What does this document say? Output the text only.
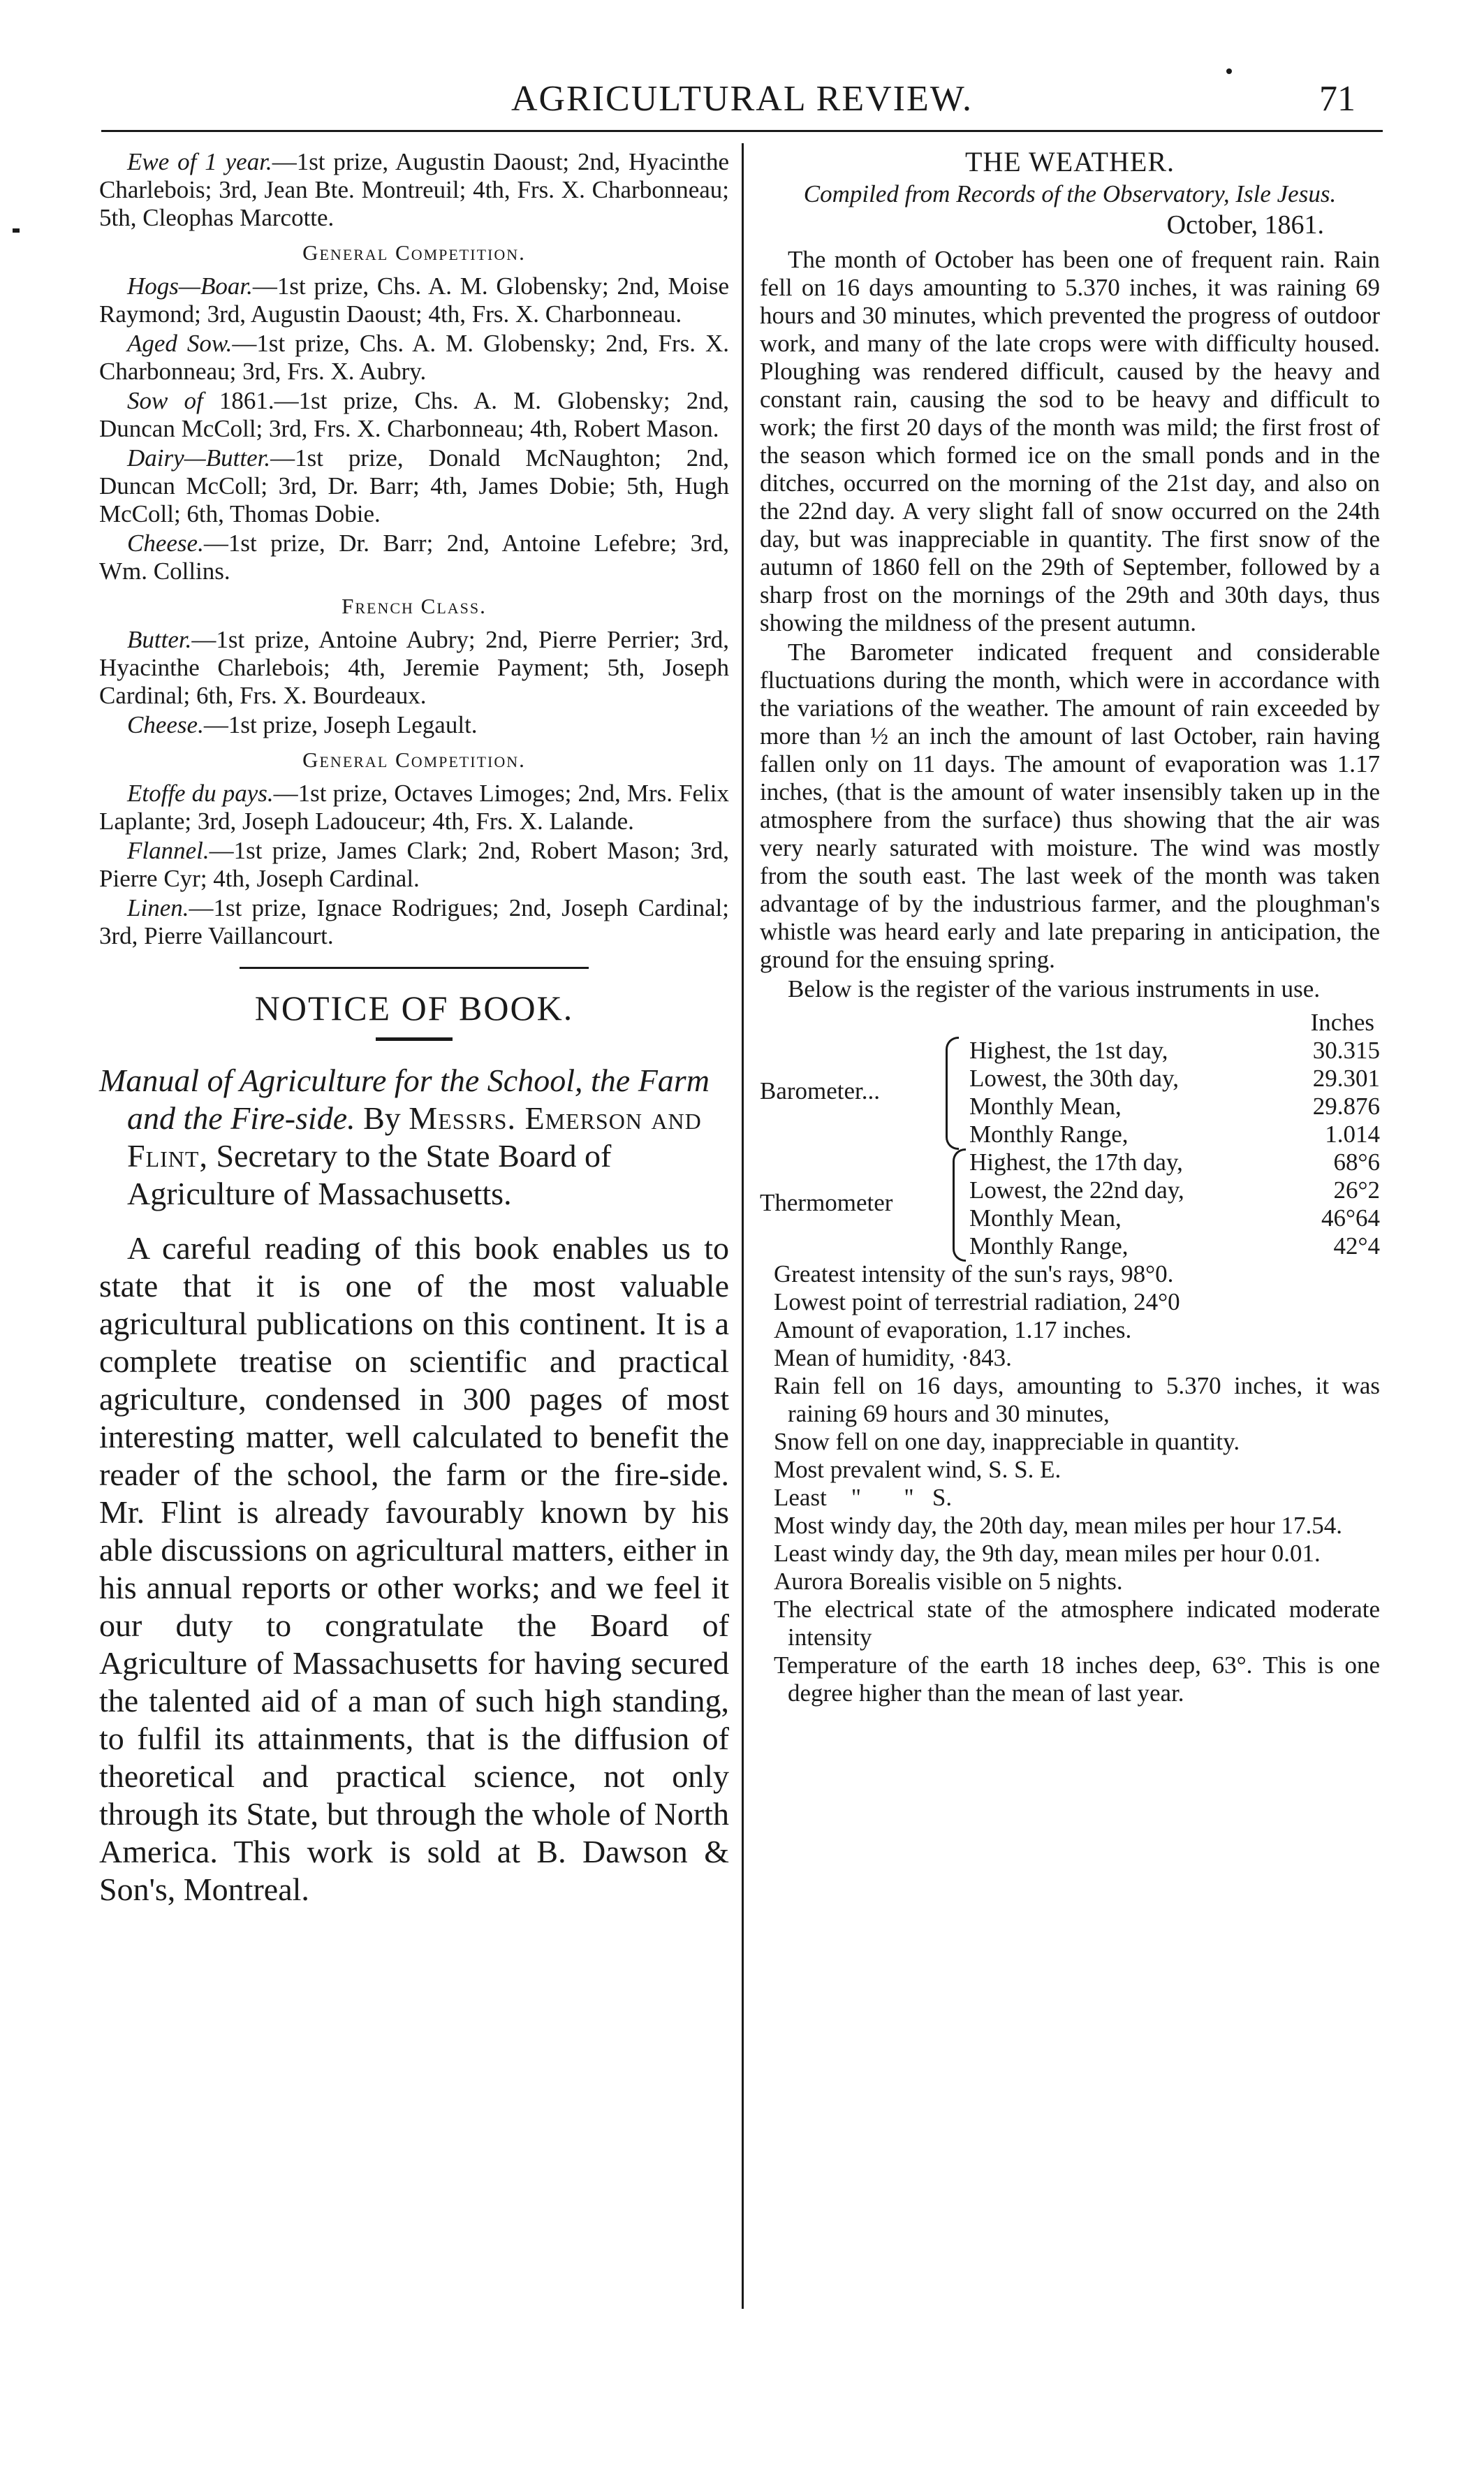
AGRICULTURAL REVIEW.	71

Ewe of 1 year.—1st prize, Augustin Daoust; 2nd, Hyacinthe Charlebois; 3rd, Jean Bte. Montreuil; 4th, Frs. X. Charbonneau; 5th, Cleophas Marcotte.

General Competition.

Hogs—Boar.—1st prize, Chs. A. M. Globensky; 2nd, Moise Raymond; 3rd, Augustin Daoust; 4th, Frs. X. Charbonneau.

Aged Sow.—1st prize, Chs. A. M. Globensky; 2nd, Frs. X. Charbonneau; 3rd, Frs. X. Aubry.

Sow of 1861.—1st prize, Chs. A. M. Globensky; 2nd, Duncan McColl; 3rd, Frs. X. Charbonneau; 4th, Robert Mason.

Dairy—Butter.—1st prize, Donald McNaughton; 2nd, Duncan McColl; 3rd, Dr. Barr; 4th, James Dobie; 5th, Hugh McColl; 6th, Thomas Dobie.

Cheese.—1st prize, Dr. Barr; 2nd, Antoine Lefebre; 3rd, Wm. Collins.

French Class.

Butter.—1st prize, Antoine Aubry; 2nd, Pierre Perrier; 3rd, Hyacinthe Charlebois; 4th, Jeremie Payment; 5th, Joseph Cardinal; 6th, Frs. X. Bourdeaux.

Cheese.—1st prize, Joseph Legault.

General Competition.

Etoffe du pays.—1st prize, Octaves Limoges; 2nd, Mrs. Felix Laplante; 3rd, Joseph Ladouceur; 4th, Frs. X. Lalande.

Flannel.—1st prize, James Clark; 2nd, Robert Mason; 3rd, Pierre Cyr; 4th, Joseph Cardinal.

Linen.—1st prize, Ignace Rodrigues; 2nd, Joseph Cardinal; 3rd, Pierre Vaillancourt.

NOTICE OF BOOK.

Manual of Agriculture for the School, the Farm and the Fire-side. By Messrs. Emerson and Flint, Secretary to the State Board of Agriculture of Massachusetts.

A careful reading of this book enables us to state that it is one of the most valuable agricultural publications on this continent. It is a complete treatise on scientific and practical agriculture, condensed in 300 pages of most interesting matter, well calculated to benefit the reader of the school, the farm or the fire-side. Mr. Flint is already favourably known by his able discussions on agricultural matters, either in his annual reports or other works; and we feel it our duty to congratulate the Board of Agriculture of Massachusetts for having secured the talented aid of a man of such high standing, to fulfil its attainments, that is the diffusion of theoretical and practical science, not only through its State, but through the whole of North America. This work is sold at B. Dawson & Son's, Montreal.

THE WEATHER.

Compiled from Records of the Observatory, Isle Jesus.

October, 1861.

The month of October has been one of frequent rain. Rain fell on 16 days amounting to 5.370 inches, it was raining 69 hours and 30 minutes, which prevented the progress of outdoor work, and many of the late crops were with difficulty housed. Ploughing was rendered difficult, caused by the heavy and constant rain, causing the sod to be heavy and difficult to work; the first 20 days of the month was mild; the first frost of the season which formed ice on the small ponds and in the ditches, occurred on the morning of the 21st day, and also on the 22nd day. A very slight fall of snow occurred on the 24th day, but was inappreciable in quantity. The first snow of the autumn of 1860 fell on the 29th of September, followed by a sharp frost on the mornings of the 29th and 30th days, thus showing the mildness of the present autumn.

The Barometer indicated frequent and considerable fluctuations during the month, which were in accordance with the variations of the weather. The amount of rain exceeded by more than ½ an inch the amount of last October, rain having fallen only on 11 days. The amount of evaporation was 1.17 inches, (that is the amount of water insensibly taken up in the atmosphere from the surface) thus showing that the air was very nearly saturated with moisture. The wind was mostly from the south east. The last week of the month was taken advantage of by the industrious farmer, and the ploughman's whistle was heard early and late preparing in anticipation, the ground for the ensuing spring.

Below is the register of the various instruments in use.

Inches
Barometer...
Highest, the 1st day,	30.315
Lowest, the 30th day,	29.301
Monthly Mean,	29.876
Monthly Range,	1.014
Thermometer
Highest, the 17th day,	68°6
Lowest, the 22nd day,	26°2
Monthly Mean,	46°64
Monthly Range,	42°4

Greatest intensity of the sun's rays, 98°0.

Lowest point of terrestrial radiation, 24°0

Amount of evaporation, 1.17 inches.

Mean of humidity, ·843.

Rain fell on 16 days, amounting to 5.370 inches, it was raining 69 hours and 30 minutes,

Snow fell on one day, inappreciable in quantity.

Most prevalent wind, S. S. E.

Least    "       "   S.

Most windy day, the 20th day, mean miles per hour 17.54.

Least windy day, the 9th day, mean miles per hour 0.01.

Aurora Borealis visible on 5 nights.

The electrical state of the atmosphere indicated moderate intensity

Temperature of the earth 18 inches deep, 63°. This is one degree higher than the mean of last year.
